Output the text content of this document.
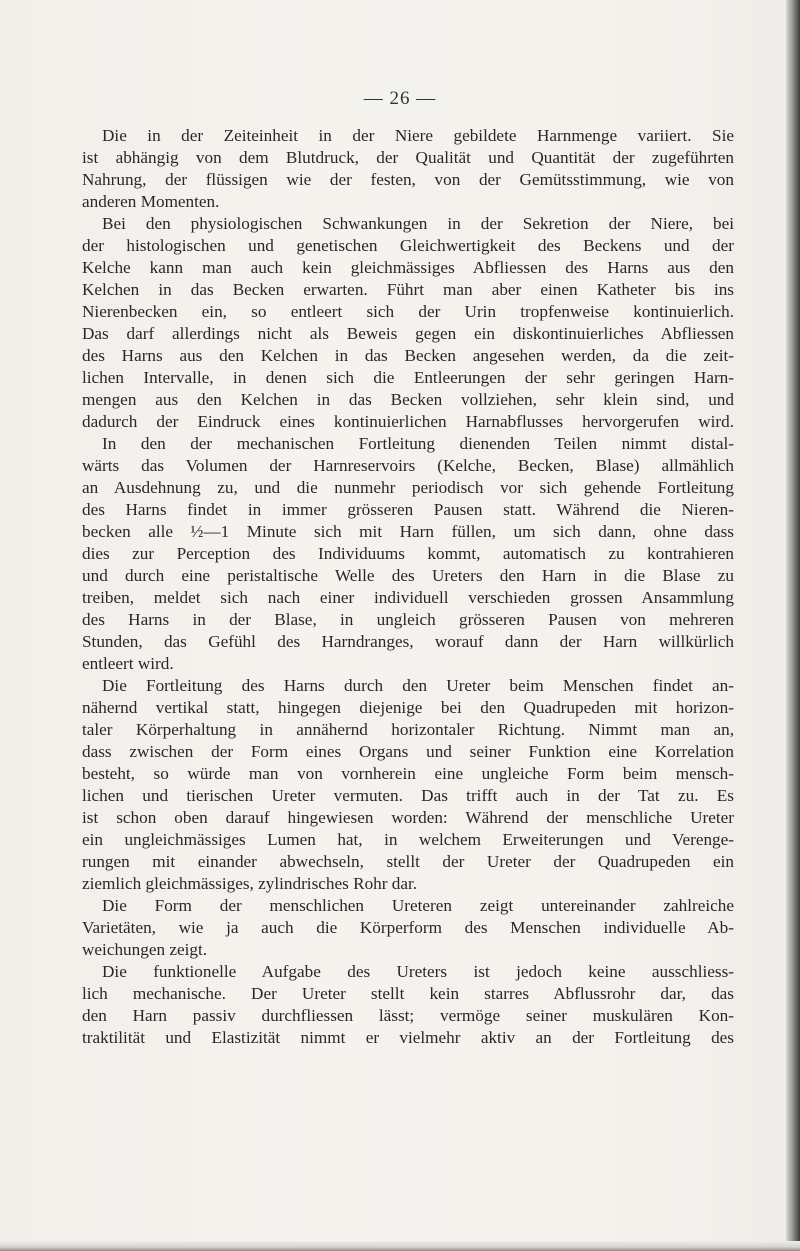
— 26 —
Die in der Zeiteinheit in der Niere gebildete Harnmenge variiert. Sie
ist abhängig von dem Blutdruck, der Qualität und Quantität der zugeführten
Nahrung, der flüssigen wie der festen, von der Gemütsstimmung, wie von
anderen Momenten.
Bei den physiologischen Schwankungen in der Sekretion der Niere, bei
der histologischen und genetischen Gleichwertigkeit des Beckens und der
Kelche kann man auch kein gleichmässiges Abfliessen des Harns aus den
Kelchen in das Becken erwarten. Führt man aber einen Katheter bis ins
Nierenbecken ein, so entleert sich der Urin tropfenweise kontinuierlich.
Das darf allerdings nicht als Beweis gegen ein diskontinuierliches Abfliessen
des Harns aus den Kelchen in das Becken angesehen werden, da die zeit-
lichen Intervalle, in denen sich die Entleerungen der sehr geringen Harn-
mengen aus den Kelchen in das Becken vollziehen, sehr klein sind, und
dadurch der Eindruck eines kontinuierlichen Harnabflusses hervorgerufen wird.
In den der mechanischen Fortleitung dienenden Teilen nimmt distal-
wärts das Volumen der Harnreservoirs (Kelche, Becken, Blase) allmählich
an Ausdehnung zu, und die nunmehr periodisch vor sich gehende Fortleitung
des Harns findet in immer grösseren Pausen statt. Während die Nieren-
becken alle ½—1 Minute sich mit Harn füllen, um sich dann, ohne dass
dies zur Perception des Individuums kommt, automatisch zu kontrahieren
und durch eine peristaltische Welle des Ureters den Harn in die Blase zu
treiben, meldet sich nach einer individuell verschieden grossen Ansammlung
des Harns in der Blase, in ungleich grösseren Pausen von mehreren
Stunden, das Gefühl des Harndranges, worauf dann der Harn willkürlich
entleert wird.
Die Fortleitung des Harns durch den Ureter beim Menschen findet an-
nähernd vertikal statt, hingegen diejenige bei den Quadrupeden mit horizon-
taler Körperhaltung in annähernd horizontaler Richtung. Nimmt man an,
dass zwischen der Form eines Organs und seiner Funktion eine Korrelation
besteht, so würde man von vornherein eine ungleiche Form beim mensch-
lichen und tierischen Ureter vermuten. Das trifft auch in der Tat zu. Es
ist schon oben darauf hingewiesen worden: Während der menschliche Ureter
ein ungleichmässiges Lumen hat, in welchem Erweiterungen und Verenge-
rungen mit einander abwechseln, stellt der Ureter der Quadrupeden ein
ziemlich gleichmässiges, zylindrisches Rohr dar.
Die Form der menschlichen Ureteren zeigt untereinander zahlreiche
Varietäten, wie ja auch die Körperform des Menschen individuelle Ab-
weichungen zeigt.
Die funktionelle Aufgabe des Ureters ist jedoch keine ausschliess-
lich mechanische. Der Ureter stellt kein starres Abflussrohr dar, das
den Harn passiv durchfliessen lässt; vermöge seiner muskulären Kon-
traktilität und Elastizität nimmt er vielmehr aktiv an der Fortleitung des
